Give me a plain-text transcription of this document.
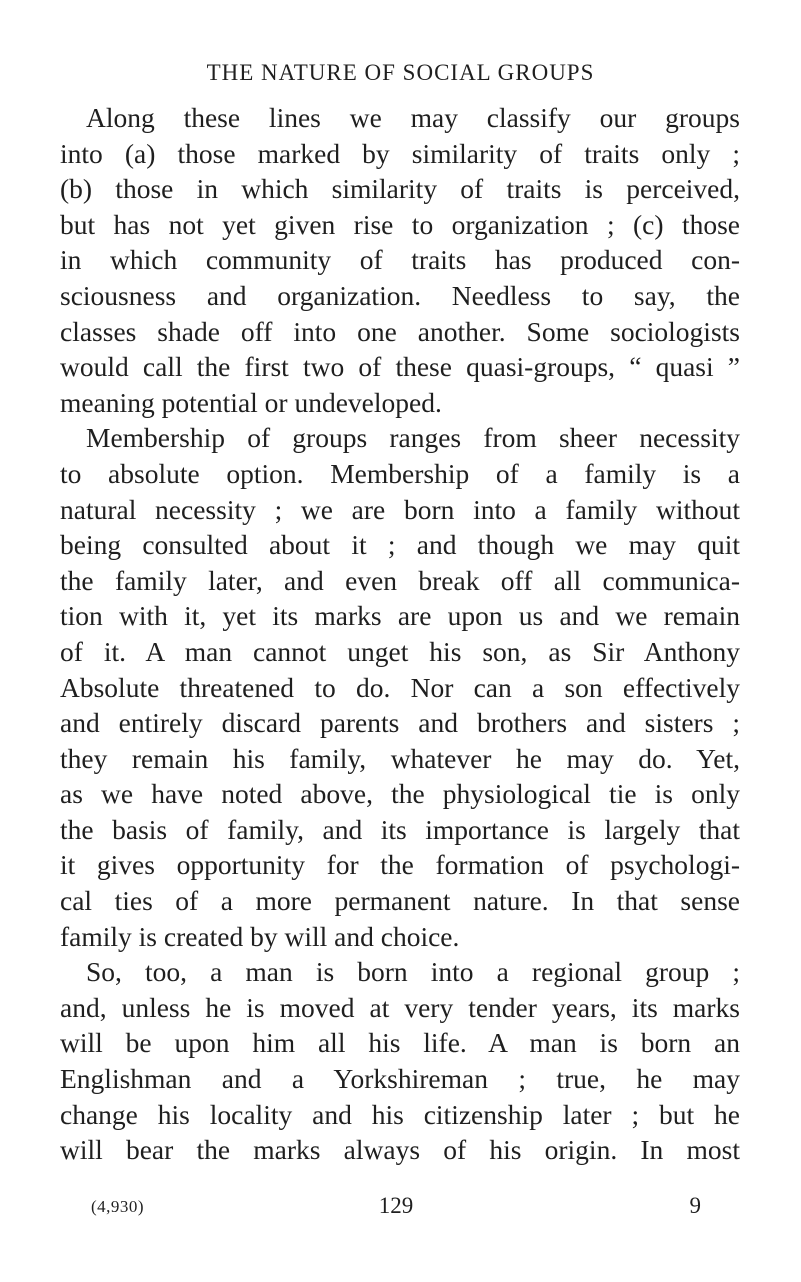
THE NATURE OF SOCIAL GROUPS
Along these lines we may classify our groups
into (a) those marked by similarity of traits only ;
(b) those in which similarity of traits is perceived,
but has not yet given rise to organization ; (c) those
in which community of traits has produced con-
sciousness and organization. Needless to say, the
classes shade off into one another. Some sociologists
would call the first two of these quasi-groups, “ quasi ”
meaning potential or undeveloped.
Membership of groups ranges from sheer necessity
to absolute option. Membership of a family is a
natural necessity ; we are born into a family without
being consulted about it ; and though we may quit
the family later, and even break off all communica-
tion with it, yet its marks are upon us and we remain
of it. A man cannot unget his son, as Sir Anthony
Absolute threatened to do. Nor can a son effectively
and entirely discard parents and brothers and sisters ;
they remain his family, whatever he may do. Yet,
as we have noted above, the physiological tie is only
the basis of family, and its importance is largely that
it gives opportunity for the formation of psychologi-
cal ties of a more permanent nature. In that sense
family is created by will and choice.
So, too, a man is born into a regional group ;
and, unless he is moved at very tender years, its marks
will be upon him all his life. A man is born an
Englishman and a Yorkshireman ; true, he may
change his locality and his citizenship later ; but he
will bear the marks always of his origin. In most
(4,930)	129	9
